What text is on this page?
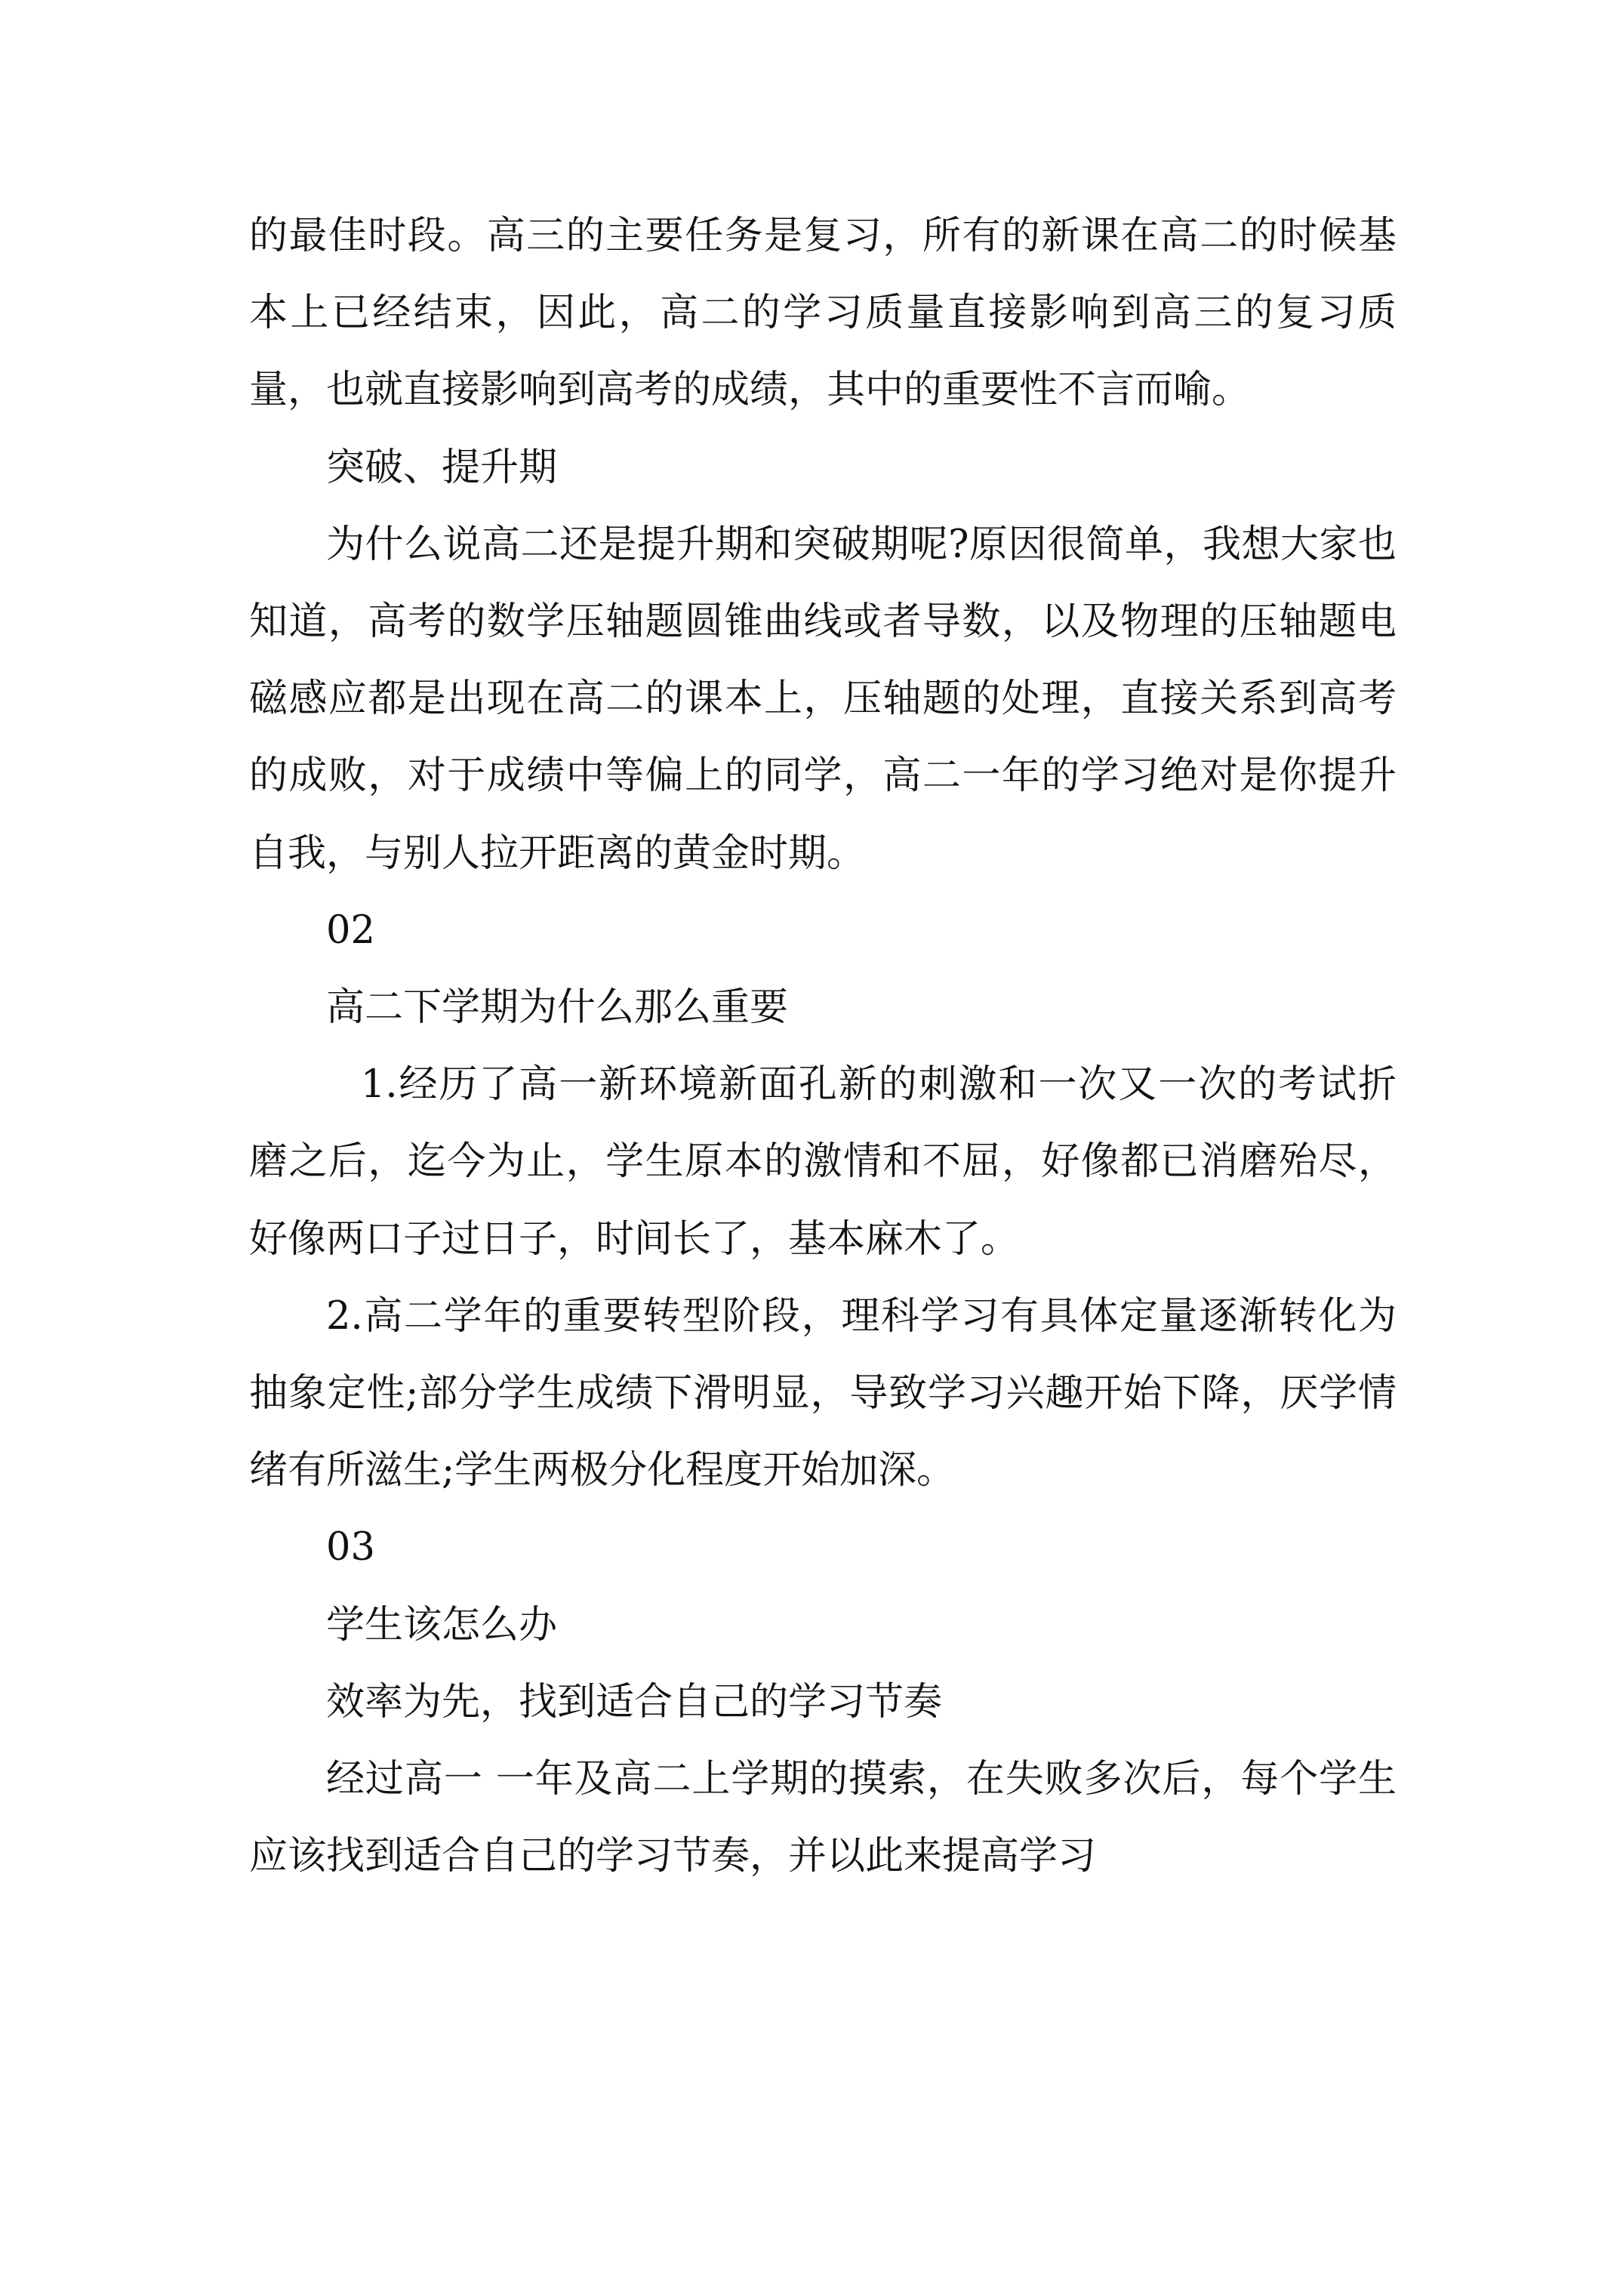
的最佳时段。高三的主要任务是复习，所有的新课在高二的时候基本上已经结束，因此，高二的学习质量直接影响到高三的复习质量，也就直接影响到高考的成绩，其中的重要性不言而喻。

突破、提升期

为什么说高二还是提升期和突破期呢?原因很简单，我想大家也知道，高考的数学压轴题圆锥曲线或者导数，以及物理的压轴题电磁感应都是出现在高二的课本上，压轴题的处理，直接关系到高考的成败，对于成绩中等偏上的同学，高二一年的学习绝对是你提升自我，与别人拉开距离的黄金时期。

02

高二下学期为什么那么重要

1.经历了高一新环境新面孔新的刺激和一次又一次的考试折磨之后，迄今为止，学生原本的激情和不屈，好像都已消磨殆尽，好像两口子过日子，时间长了，基本麻木了。

2.高二学年的重要转型阶段，理科学习有具体定量逐渐转化为抽象定性;部分学生成绩下滑明显，导致学习兴趣开始下降，厌学情绪有所滋生;学生两极分化程度开始加深。

03

学生该怎么办

效率为先，找到适合自己的学习节奏

经过高一 一年及高二上学期的摸索，在失败多次后，每个学生应该找到适合自己的学习节奏，并以此来提高学习
